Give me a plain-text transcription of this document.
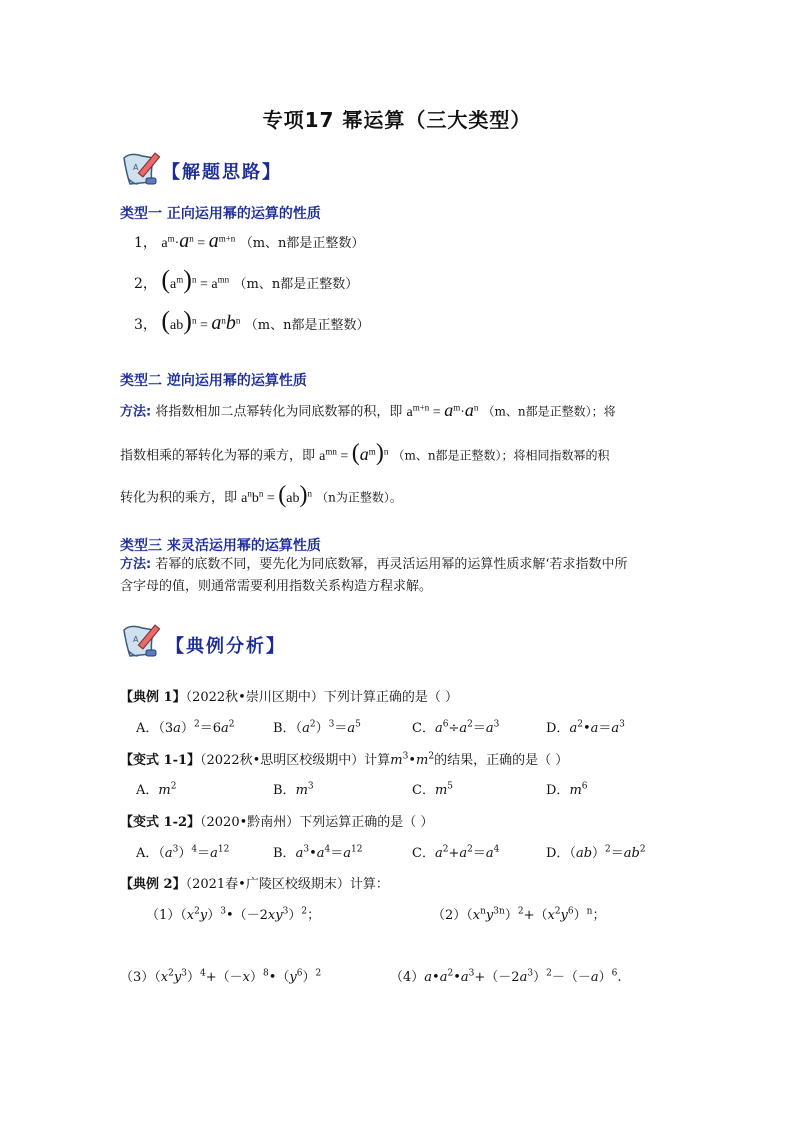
专项17 幂运算（三大类型）
A 【解题思路】
类型一 正向运用幂的运算的性质
1， $a^m\cdot a^n = a^{m+n}$ （m、n都是正整数）
2， $(a^m)^n = a^{mn}$ （m、n都是正整数）
3， $(ab)^n = a^nb^n$ （m、n都是正整数）
类型二 逆向运用幂的运算性质
方法: 将指数相加二点幂转化为同底数幂的积，即 $a^{m+n} = a^m\cdot a^n$ （m、n都是正整数）；将
指数相乘的幂转化为幂的乘方，即 $a^{mn} = (a^m)^n$ （m、n都是正整数）；将相同指数幂的积
转化为积的乘方，即 $a^nb^n = (ab)^n$ （n为正整数）。
类型三 来灵活运用幂的运算性质
方法: 若幂的底数不同，要先化为同底数幂，再灵活运用幂的运算性质求解‘若求指数中所
含字母的值，则通常需要利用指数关系构造方程求解。
A 【典例分析】
【典例 1】（2022秋•崇川区期中）下列计算正确的是（ ）
A．$(3a)^2=6a^2$	B．$(a^2)^3=a^5$	C．$a^6\div a^2=a^3$	D．$a^2•a=a^3$
【变式 1-1】（2022秋•思明区校级期中）计算$m^3•m^2$的结果，正确的是（ ）
A．$m^2$	B．$m^3$	C．$m^5$	D．$m^6$
【变式 1-2】（2020•黔南州）下列运算正确的是（ ）
A．$(a^3)^4=a^{12}$	B．$a^3•a^4=a^{12}$	C．$a^2+a^2=a^4$	D．$(ab)^2=ab^2$
【典例 2】（2021春•广陵区校级期末）计算：
$(1)(x^2y)^3•(-2xy^3)^2$；	$(2)(x^ny^{3n})^2+(x^2y^6)^n$；
$(3)(x^2y^3)^4+(-x)^8•(y^6)^2$	$(4)a•a^2•a^3+(-2a^3)^2-(-a)^6$.
